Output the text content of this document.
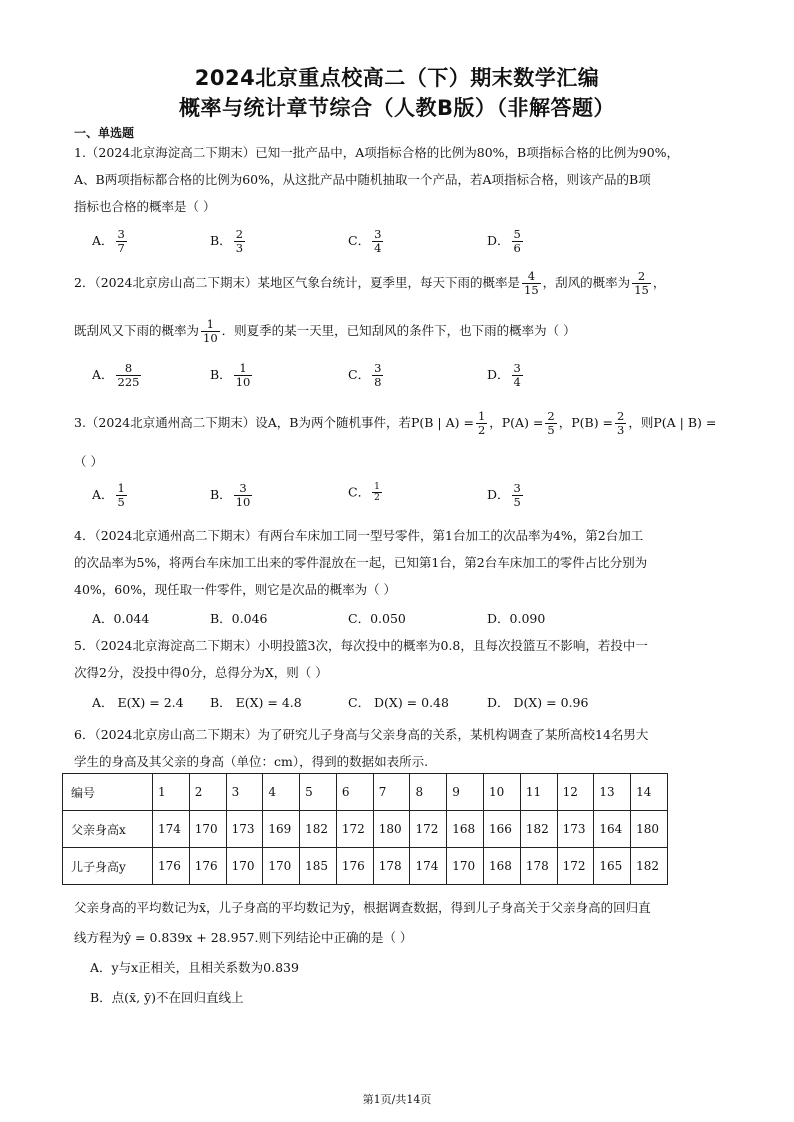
2024北京重点校高二（下）期末数学汇编
概率与统计章节综合（人教B版）（非解答题）
一、单选题
1.（2024北京海淀高二下期末）已知一批产品中，A项指标合格的比例为80%，B项指标合格的比例为90%，
A、B两项指标都合格的比例为60%，从这批产品中随机抽取一个产品，若A项指标合格，则该产品的B项
指标也合格的概率是（ ）
A． $\frac{3}{7}$	B． $\frac{2}{3}$	C． $\frac{3}{4}$	D． $\frac{5}{6}$
2．（2024北京房山高二下期末）某地区气象台统计，夏季里，每天下雨的概率是 $\frac{4}{15}$ ，刮风的概率为 $\frac{2}{15}$ ，
既刮风又下雨的概率为 $\frac{1}{10}$ ．则夏季的某一天里，已知刮风的条件下，也下雨的概率为（ ）
A． $\frac{8}{225}$	B． $\frac{1}{10}$	C． $\frac{3}{8}$	D． $\frac{3}{4}$
3.（2024北京通州高二下期末）设A，B为两个随机事件，若P(B | $A) = \frac{1}{2}$ ，$P(A) = \frac{2}{5}$ ，$P(B) = \frac{2}{3}$ ，则P(A | B) =
（ ）
A． $\frac{1}{5}$	B． $\frac{3}{10}$	C． $\frac{1}{2}$	D． $\frac{3}{5}$
4．（2024北京通州高二下期末）有两台车床加工同一型号零件，第1台加工的次品率为4%，第2台加工
的次品率为5%，将两台车床加工出来的零件混放在一起，已知第1台，第2台车床加工的零件占比分别为
40%，60%，现任取一件零件，则它是次品的概率为（ ）
A．0.044	B．0.046	C．0.050	D．0.090
5．（2024北京海淀高二下期末）小明投篮3次，每次投中的概率为0.8，且每次投篮互不影响，若投中一
次得2分，没投中得0分，总得分为X，则（ ）
A． E(X) = 2.4 B． E(X) = 4.8	C． D(X) = 0.48	D． D(X) = 0.96
6．（2024北京房山高二下期末）为了研究儿子身高与父亲身高的关系，某机构调查了某所高校14名男大
学生的身高及其父亲的身高（单位：cm），得到的数据如表所示.
编号	1	2	3	4	5	6	7	8	9	10	11	12	13	14
父亲身高x	174	170	173	169	182	172	180	172	168	166	182	173	164	180
儿子身高y	176	176	170	170	185	176	178	174	170	168	178	172	165	182
父亲身高的平均数记为x̄，儿子身高的平均数记为ȳ，根据调查数据，得到儿子身高关于父亲身高的回归直
线方程为ŷ = 0.839x + 28.957.则下列结论中正确的是（ ）
A．y与x正相关，且相关系数为0.839
B．点(x̄, ȳ)不在回归直线上
第1页/共14页
